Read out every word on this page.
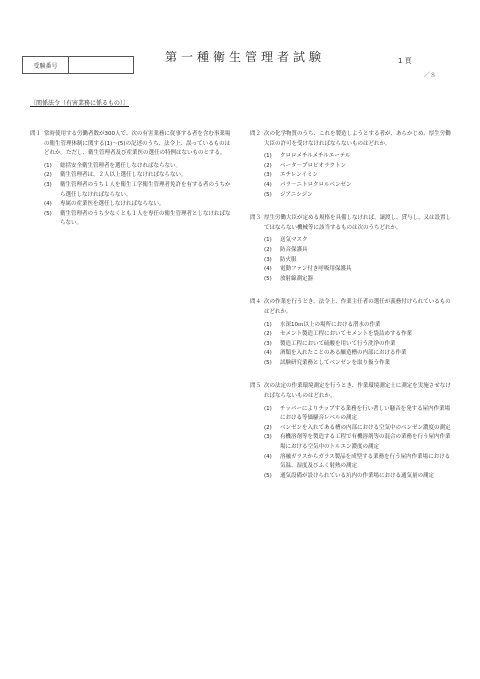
受験番号
第一種衛生管理者試験	1 頁
／８
〔関係法令（有害業務に係るもの）〕
問１ 常時使用する労働者数が300人で、次の有害業務に従事する者を含む事業場の衛生管理体制に関する(1)～(5)の記述のうち、法令上、誤っているものはどれか。ただし、衛生管理者及び産業医の選任の特例はないものとする。
(1)	総括安全衛生管理者を選任しなければならない。
(2)	衛生管理者は、２人以上選任しなければならない。
(3)	衛生管理者のうち１人を衛生工学衛生管理者免許を有する者のうちから選任しなければならない。
(4)	専属の産業医を選任しなければならない。
(5)	衛生管理者のうち少なくとも１人を専任の衛生管理者としなければならない。
問２ 次の化学物質のうち、これを製造しようとする者が、あらかじめ、厚生労働大臣の許可を受けなければならないものはどれか。
(1)	クロロメチルメチルエーテル
(2)	ベータ－プロピオラクトン
(3)	エチレンイミン
(4)	パラ－ニトロクロルベンゼン
(5)	ジアニシジン
問３ 厚生労働大臣が定める規格を具備しなければ、譲渡し、貸与し、又は設置してはならない機械等に該当するものは次のうちどれか。
(1)	送気マスク
(2)	防音保護具
(3)	防火服
(4)	電動ファン付き呼吸用保護具
(5)	放射線測定器
問４ 次の作業を行うとき、法令上、作業主任者の選任が義務付けられているものはどれか。
(1)	水深10ｍ以上の場所における潜水の作業
(2)	セメント製造工程においてセメントを袋詰めする作業
(3)	製造工程において硫酸を用いて行う洗浄の作業
(4)	酒類を入れたことのある醸造槽の内部における作業
(5)	試験研究業務としてベンゼンを取り扱う作業
問５ 次の法定の作業環境測定を行うとき、作業環境測定士に測定を実施させなければならないものはどれか。
(1)	チッパーによりチップする業務を行い著しい騒音を発する屋内作業場における等価騒音レベルの測定
(2)	ベンゼンを入れてある槽の内部における空気中のベンゼン濃度の測定
(3)	有機溶剤等を製造する工程で有機溶剤等の混合の業務を行う屋内作業場における空気中のトルエン濃度の測定
(4)	溶融ガラスからガラス製品を成型する業務を行う屋内作業場における気温、湿度及びふく射熱の測定
(5)	通気設備が設けられている坑内の作業場における通気量の測定
